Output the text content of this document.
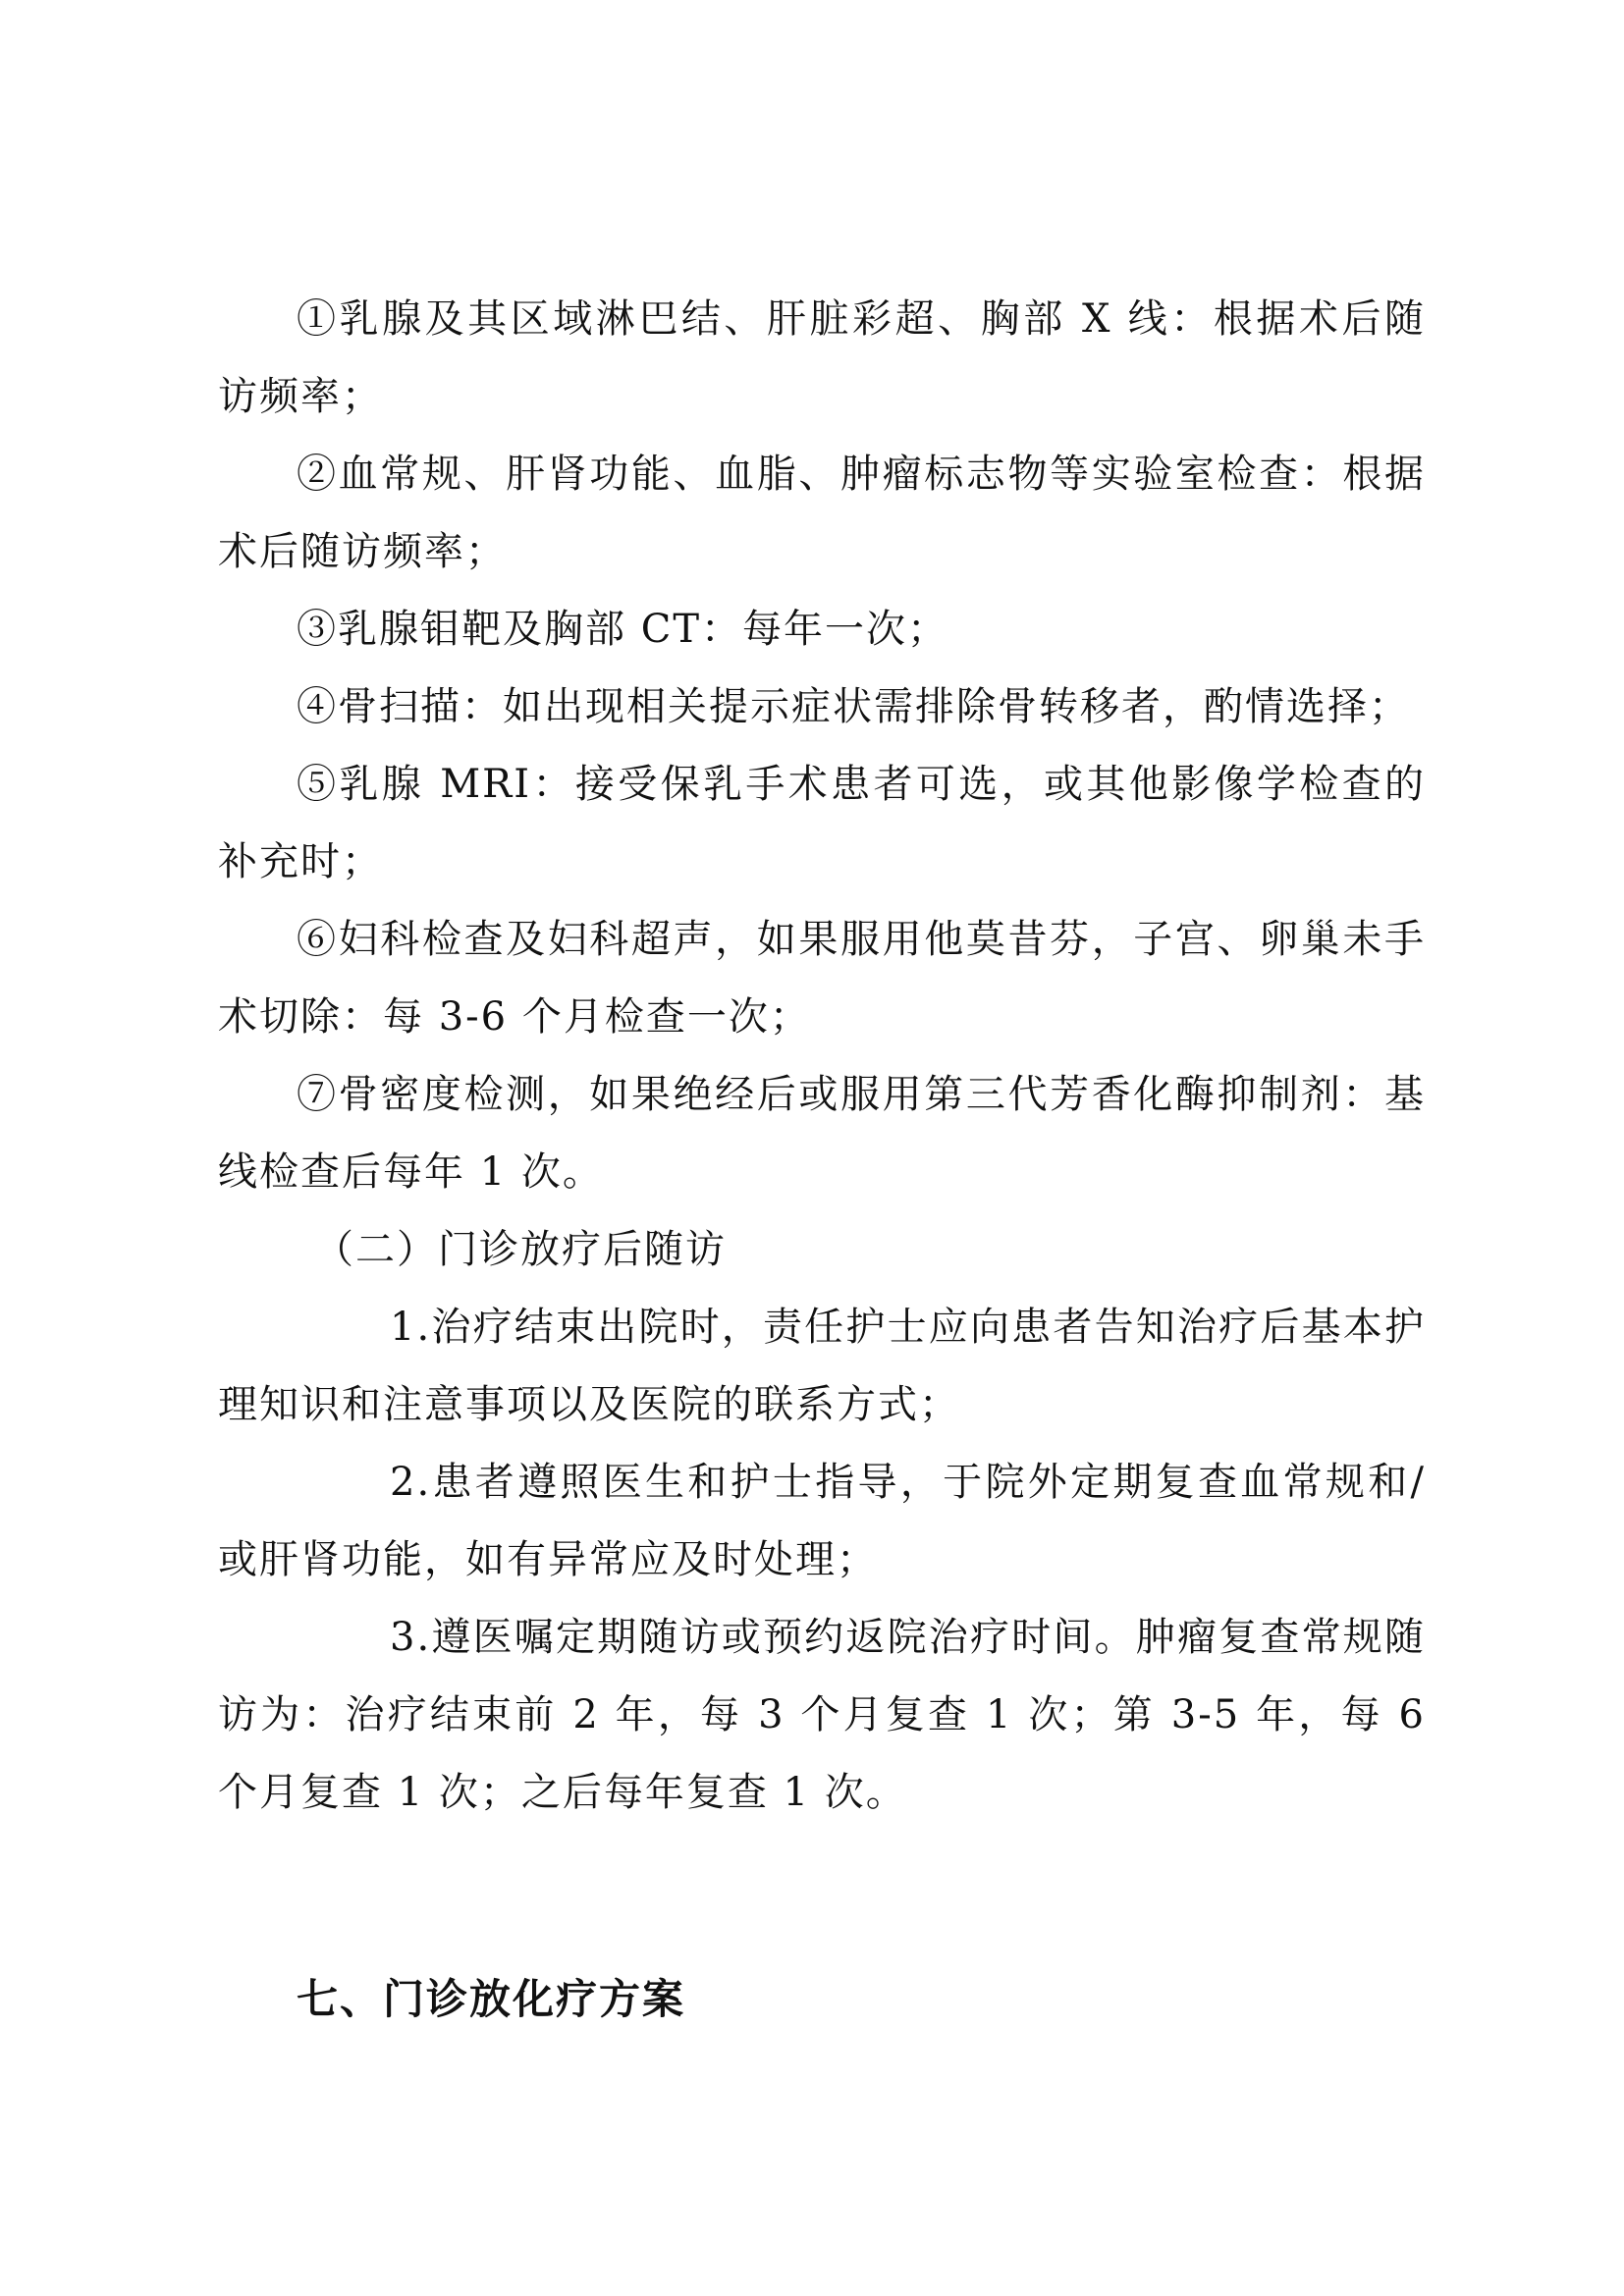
①乳腺及其区域淋巴结、肝脏彩超、胸部 X 线：根据术后随访频率；

②血常规、肝肾功能、血脂、肿瘤标志物等实验室检查：根据术后随访频率；

③乳腺钼靶及胸部 CT：每年一次；

④骨扫描：如出现相关提示症状需排除骨转移者，酌情选择；

⑤乳腺 MRI：接受保乳手术患者可选，或其他影像学检查的补充时；

⑥妇科检查及妇科超声，如果服用他莫昔芬，子宫、卵巢未手术切除：每 3-6 个月检查一次；

⑦骨密度检测，如果绝经后或服用第三代芳香化酶抑制剂：基线检查后每年 1 次。

（二）门诊放疗后随访

1.治疗结束出院时，责任护士应向患者告知治疗后基本护理知识和注意事项以及医院的联系方式；

2.患者遵照医生和护士指导，于院外定期复查血常规和/或肝肾功能，如有异常应及时处理；

3.遵医嘱定期随访或预约返院治疗时间。肿瘤复查常规随访为：治疗结束前 2 年，每 3 个月复查 1 次；第 3-5 年，每 6 个月复查 1 次；之后每年复查 1 次。

七、门诊放化疗方案
